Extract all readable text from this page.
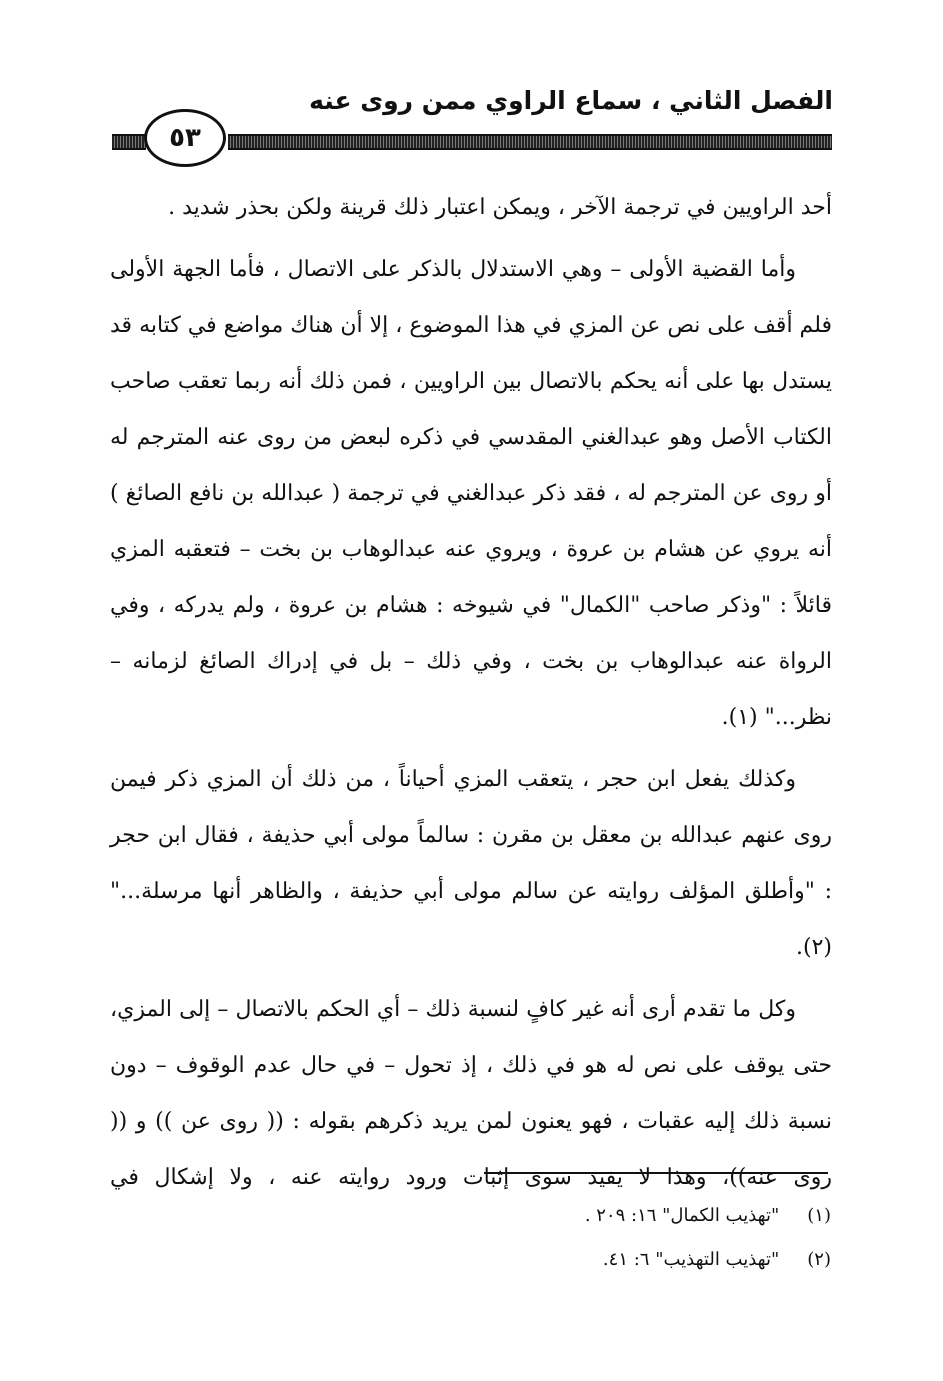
الفصل الثاني ، سماع الراوي ممن روى عنه
٥٣

أحد الراويين في ترجمة الآخر ، ويمكن اعتبار ذلك قرينة ولكن بحذر شديد .

وأما القضية الأولى – وهي الاستدلال بالذكر على الاتصال ، فأما الجهة الأولى فلم أقف على نص عن المزي في هذا الموضوع ، إلا أن هناك مواضع في كتابه قد يستدل بها على أنه يحكم بالاتصال بين الراويين ، فمن ذلك أنه ربما تعقب صاحب الكتاب الأصل وهو عبدالغني المقدسي في ذكره لبعض من روى عنه المترجم له أو روى عن المترجم له ، فقد ذكر عبدالغني في ترجمة ( عبدالله بن نافع الصائغ ) أنه يروي عن هشام بن عروة ، ويروي عنه عبدالوهاب بن بخت – فتعقبه المزي قائلاً : "وذكر صاحب "الكمال" في شيوخه : هشام بن عروة ، ولم يدركه ، وفي الرواة عنه عبدالوهاب بن بخت ، وفي ذلك – بل في إدراك الصائغ لزمانه – نظر..." (١).

وكذلك يفعل ابن حجر ، يتعقب المزي أحياناً ، من ذلك أن المزي ذكر فيمن روى عنهم عبدالله بن معقل بن مقرن : سالماً مولى أبي حذيفة ، فقال ابن حجر : "وأطلق المؤلف روايته عن سالم مولى أبي حذيفة ، والظاهر أنها مرسلة..." (٢).

وكل ما تقدم أرى أنه غير كافٍ لنسبة ذلك – أي الحكم بالاتصال – إلى المزي، حتى يوقف على نص له هو في ذلك ، إذ تحول – في حال عدم الوقوف – دون نسبة ذلك إليه عقبات ، فهو يعنون لمن يريد ذكرهم بقوله : (( روى عن )) و (( روى عنه))، وهذا لا يفيد سوى إثبات ورود روايته عنه ، ولا إشكال في

(١) "تهذيب الكمال" ١٦: ٢٠٩ .
(٢) "تهذيب التهذيب" ٦: ٤١.
